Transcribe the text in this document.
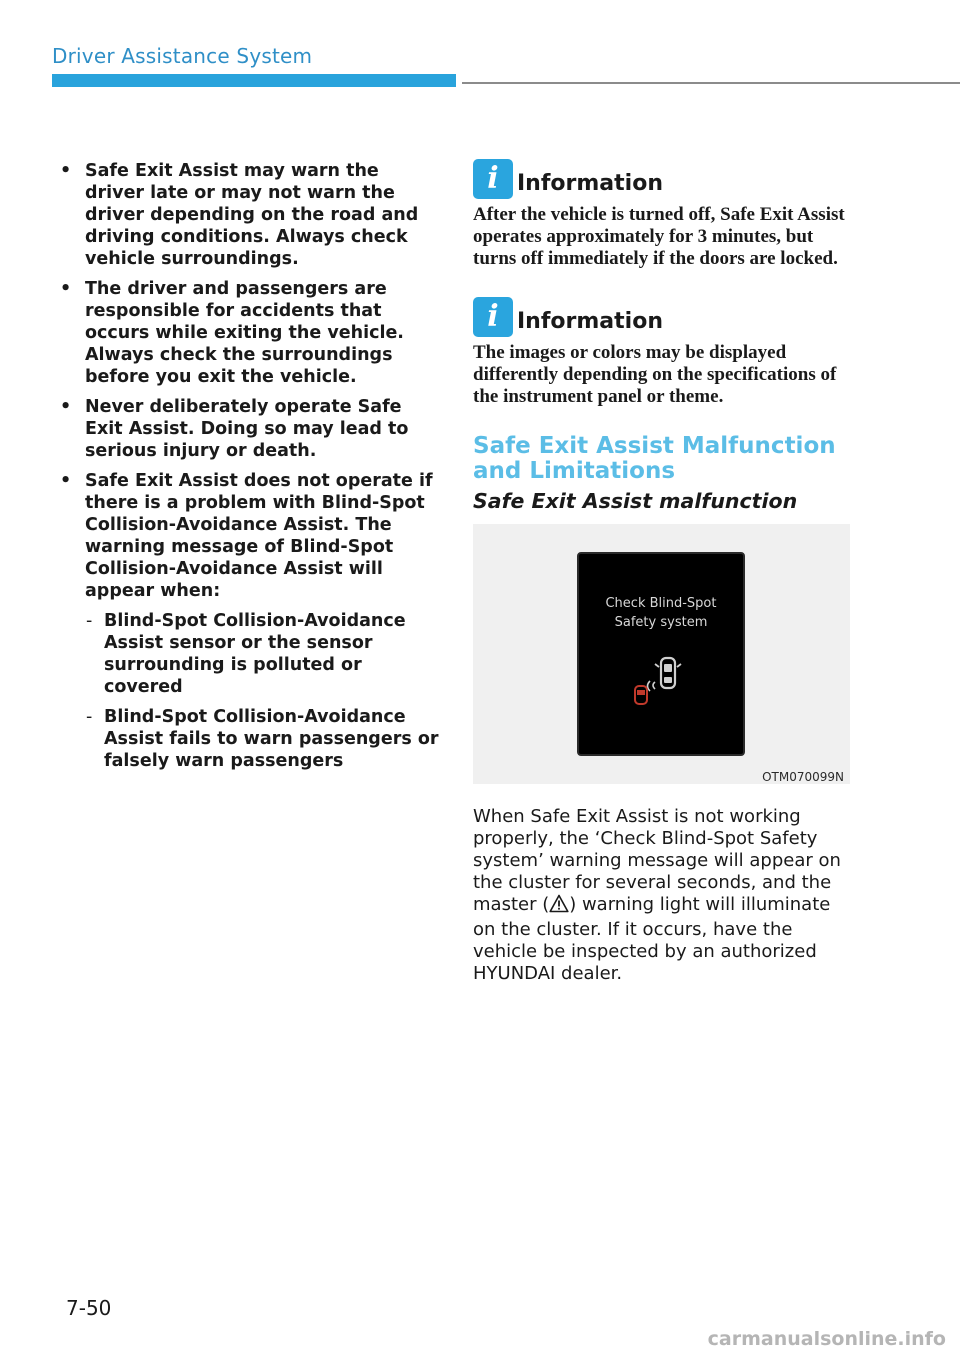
Driver Assistance System
• Safe Exit Assist may warn the driver late or may not warn the driver depending on the road and driving conditions. Always check vehicle surroundings.
• The driver and passengers are responsible for accidents that occurs while exiting the vehicle. Always check the surroundings before you exit the vehicle.
• Never deliberately operate Safe Exit Assist. Doing so may lead to serious injury or death.
• Safe Exit Assist does not operate if there is a problem with Blind-Spot Collision-Avoidance Assist. The warning message of Blind-Spot Collision-Avoidance Assist will appear when:
- Blind-Spot Collision-Avoidance Assist sensor or the sensor surrounding is polluted or covered
- Blind-Spot Collision-Avoidance Assist fails to warn passengers or falsely warn passengers
i Information
After the vehicle is turned off, Safe Exit Assist operates approximately for 3 minutes, but turns off immediately if the doors are locked.
i Information
The images or colors may be displayed differently depending on the specifications of the instrument panel or theme.
Safe Exit Assist Malfunction and Limitations
Safe Exit Assist malfunction
Check Blind-Spot
Safety system
OTM070099N
When Safe Exit Assist is not working properly, the ‘Check Blind-Spot Safety system’ warning message will appear on the cluster for several seconds, and the master ( ) warning light will illuminate on the cluster. If it occurs, have the vehicle be inspected by an authorized HYUNDAI dealer.
7-50
carmanualsonline.info
